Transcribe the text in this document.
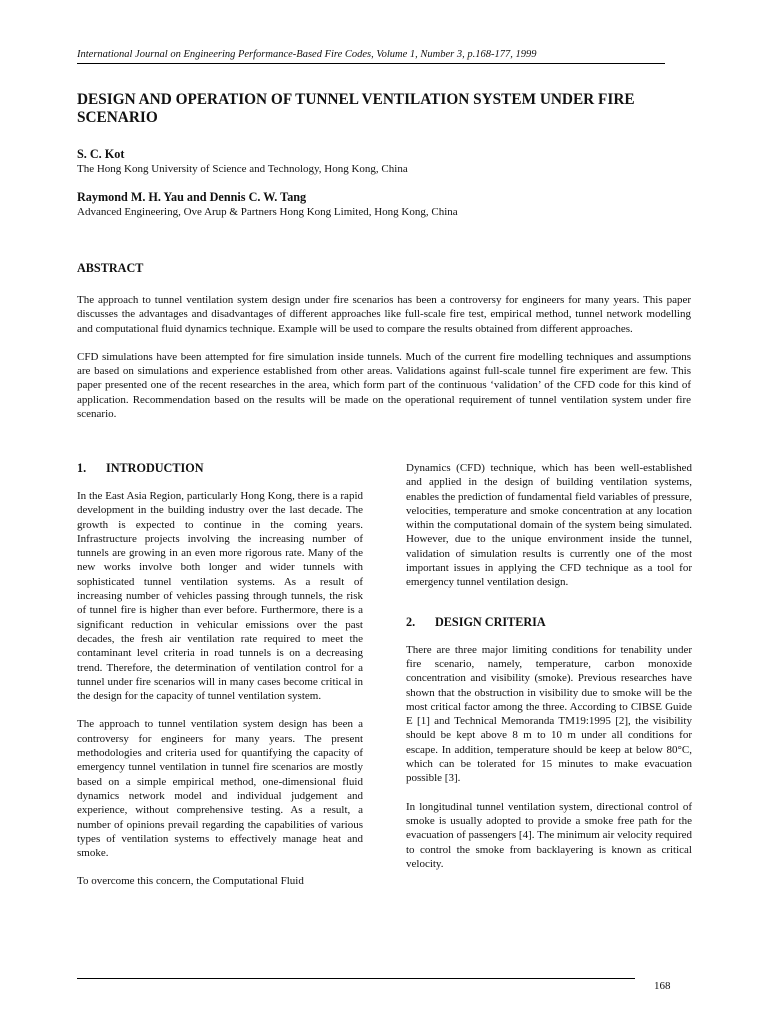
International Journal on Engineering Performance-Based Fire Codes, Volume 1, Number 3, p.168-177, 1999
DESIGN AND OPERATION OF TUNNEL VENTILATION SYSTEM UNDER FIRE SCENARIO
S. C. Kot
The Hong Kong University of Science and Technology, Hong Kong, China
Raymond M. H. Yau and Dennis C. W. Tang
Advanced Engineering, Ove Arup & Partners Hong Kong Limited, Hong Kong, China
ABSTRACT

The approach to tunnel ventilation system design under fire scenarios has been a controversy for engineers for many years. This paper discusses the advantages and disadvantages of different approaches like full-scale fire test, empirical method, tunnel network modelling and computational fluid dynamics technique. Example will be used to compare the results obtained from different approaches.

CFD simulations have been attempted for fire simulation inside tunnels. Much of the current fire modelling techniques and assumptions are based on simulations and experience established from other areas. Validations against full-scale tunnel fire experiment are few. This paper presented one of the recent researches in the area, which form part of the continuous ‘validation’ of the CFD code for this kind of application. Recommendation based on the results will be made on the operational requirement of tunnel ventilation system under fire scenario.

1.	INTRODUCTION

In the East Asia Region, particularly Hong Kong, there is a rapid development in the building industry over the last decade. The growth is expected to continue in the coming years. Infrastructure projects involving the increasing number of tunnels are growing in an even more rigorous rate. Many of the new works involve both longer and wider tunnels with sophisticated tunnel ventilation systems. As a result of increasing number of vehicles passing through tunnels, the risk of tunnel fire is higher than ever before. Furthermore, there is a significant reduction in vehicular emissions over the past decades, the fresh air ventilation rate required to meet the contaminant level criteria in road tunnels is on a decreasing trend. Therefore, the determination of ventilation control for a tunnel under fire scenarios will in many cases become critical in the design for the capacity of tunnel ventilation system.

The approach to tunnel ventilation system design has been a controversy for engineers for many years. The present methodologies and criteria used for quantifying the capacity of emergency tunnel ventilation in tunnel fire scenarios are mostly based on a simple empirical method, one-dimensional fluid dynamics network model and individual judgement and experience, without comprehensive testing. As a result, a number of opinions prevail regarding the capabilities of various types of ventilation systems to effectively manage heat and smoke.

To overcome this concern, the Computational Fluid

Dynamics (CFD) technique, which has been well-established and applied in the design of building ventilation systems, enables the prediction of fundamental field variables of pressure, velocities, temperature and smoke concentration at any location within the computational domain of the system being simulated. However, due to the unique environment inside the tunnel, validation of simulation results is currently one of the most important issues in applying the CFD technique as a tool for emergency tunnel ventilation design.

2.	DESIGN CRITERIA

There are three major limiting conditions for tenability under fire scenario, namely, temperature, carbon monoxide concentration and visibility (smoke). Previous researches have shown that the obstruction in visibility due to smoke will be the most critical factor among the three. According to CIBSE Guide E [1] and Technical Memoranda TM19:1995 [2], the visibility should be kept above 8 m to 10 m under all conditions for escape. In addition, temperature should be keep at below 80°C, which can be tolerated for 15 minutes to make evacuation possible [3].

In longitudinal tunnel ventilation system, directional control of smoke is usually adopted to provide a smoke free path for the evacuation of passengers [4]. The minimum air velocity required to control the smoke from backlayering is known as critical velocity.

168
